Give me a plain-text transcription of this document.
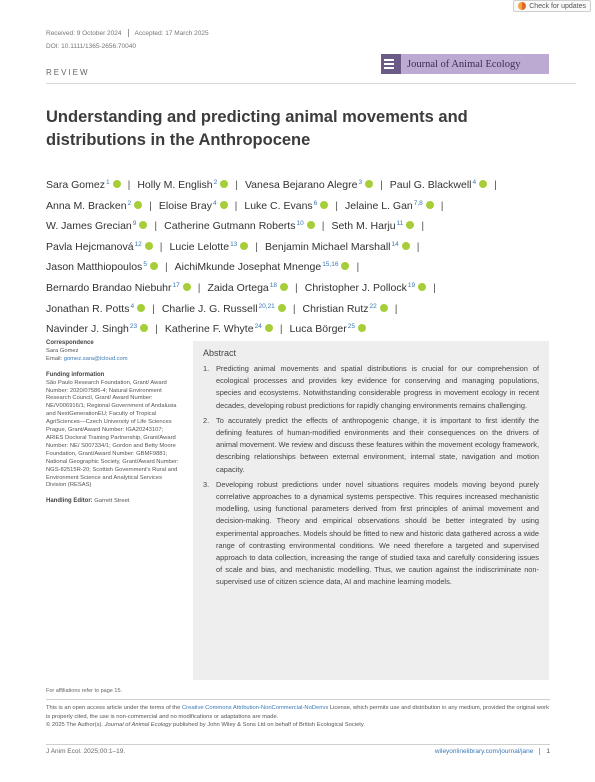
Check for updates
Received: 9 October 2024 Accepted: 17 March 2025
DOI: 10.1111/1365-2656.70040
REVIEW
Journal of Animal Ecology
Understanding and predicting animal movements and distributions in the Anthropocene
Sara Gomez$^1$ | Holly M. English$^2$ | Vanesa Bejarano Alegre$^3$ | Paul G. Blackwell$^4$ |
Anna M. Bracken$^2$ | Eloise Bray$^4$ | Luke C. Evans$^6$ | Jelaine L. Gan$^{7,8}$ |
W. James Grecian$^9$ | Catherine Gutmann Roberts$^{10}$ | Seth M. Harju$^{11}$ |
Pavla Hejcmanová$^{12}$ | Lucie Lelotte$^{13}$ | Benjamin Michael Marshall$^{14}$ |
Jason Matthiopoulos$^5$ | AichiMkunde Josephat Mnenge$^{15,16}$ |
Bernardo Brandao Niebuhr$^{17}$ | Zaida Ortega$^{18}$ | Christopher J. Pollock$^{19}$ |
Jonathan R. Potts$^4$ | Charlie J. G. Russell$^{20,21}$ | Christian Rutz$^{22}$ |
Navinder J. Singh$^{23}$ | Katherine F. Whyte$^{24}$ | Luca Börger$^{25}$
Correspondence
Sara Gomez
Email: gomez.sara@icloud.com
Funding information
São Paulo Research Foundation, Grant/ Award Number: 2020/07586-4; Natural Environment Research Council, Grant/ Award Number: NE/V006916/1; Regional Government of Andalusia and NextGenerationEU; Faculty of Tropical AgriSciences—Czech University of Life Sciences Prague, Grant/Award Number: IGA20243107; ARIES Doctoral Training Partnership, Grant/Award Number: NE/ S007334/1; Gordon and Betty Moore Foundation, Grant/Award Number: GBMF9881; National Geographic Society, Grant/Award Number: NGS-82515R-20; Scottish Government's Rural and Environment Science and Analytical Services Division (RESAS)
Handling Editor: Garrett Street
Abstract
1. Predicting animal movements and spatial distributions is crucial for our comprehension of ecological processes and provides key evidence for conserving and managing populations, species and ecosystems. Notwithstanding considerable progress in movement ecology in recent decades, developing robust predictions for rapidly changing environments remains challenging.
2. To accurately predict the effects of anthropogenic change, it is important to first identify the defining features of human-modified environments and their consequences on the drivers of animal movement. We review and discuss these features within the movement ecology framework, describing relationships between external environment, internal state, navigation and motion capacity.
3. Developing robust predictions under novel situations requires models moving beyond purely correlative approaches to a dynamical systems perspective. This requires increased mechanistic modelling, using functional parameters derived from first principles of animal movement and decision-making. Theory and empirical observations should be better integrated by using experimental approaches. Models should be fitted to new and historic data gathered across a wide range of contrasting environmental conditions. We need therefore a targeted and supervised approach to data collection, increasing the range of studied taxa and carefully considering issues of scale and bias, and mechanistic modelling. Thus, we caution against the indiscriminate non-supervised use of citizen science data, AI and machine learning models.
For affiliations refer to page 15.
This is an open access article under the terms of the Creative Commons Attribution-NonCommercial-NoDerivs License, which permits use and distribution in any medium, provided the original work is properly cited, the use is non-commercial and no modifications or adaptations are made.
© 2025 The Author(s). Journal of Animal Ecology published by John Wiley & Sons Ltd on behalf of British Ecological Society.
J Anim Ecol. 2025;00:1–19.	wileyonlinelibrary.com/journal/jane	1
